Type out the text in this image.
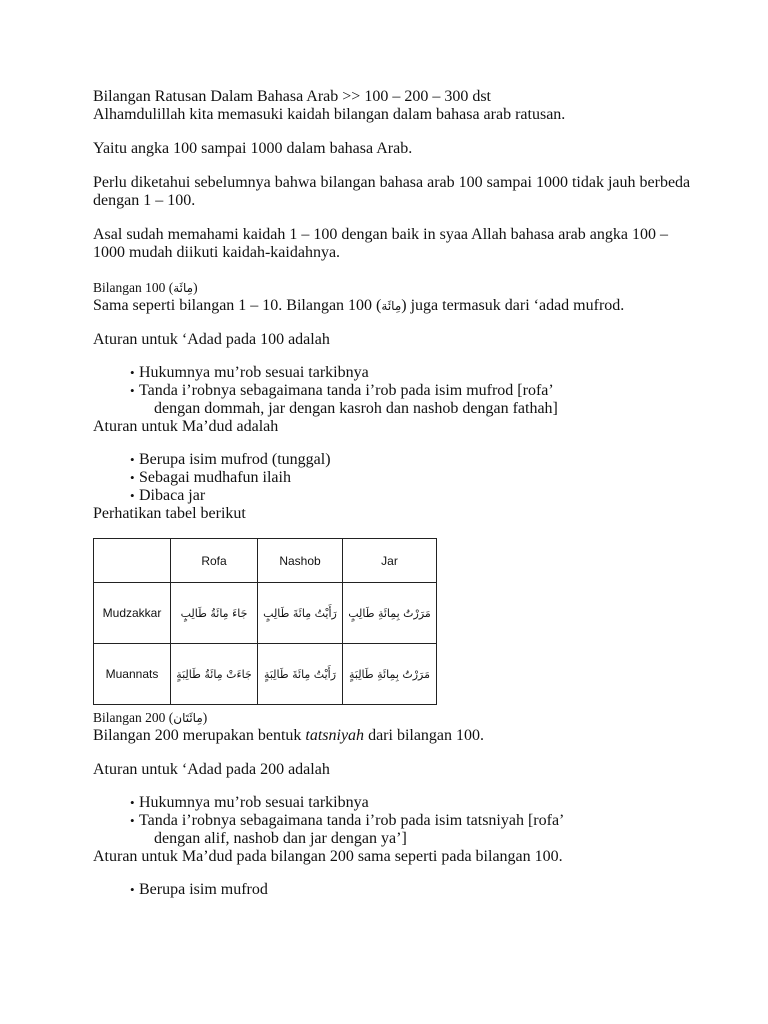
Bilangan Ratusan Dalam Bahasa Arab >> 100 – 200 – 300 dst

Alhamdulillah kita memasuki kaidah bilangan dalam bahasa arab ratusan.

Yaitu angka 100 sampai 1000 dalam bahasa Arab.

Perlu diketahui sebelumnya bahwa bilangan bahasa arab 100 sampai 1000 tidak jauh berbeda dengan 1 – 100.

Asal sudah memahami kaidah 1 – 100 dengan baik in syaa Allah bahasa arab angka 100 – 1000 mudah diikuti kaidah-kaidahnya.

Bilangan 100 (مِائَة)

Sama seperti bilangan 1 – 10. Bilangan 100 (مِائَة) juga termasuk dari ‘adad mufrod.

Aturan untuk ‘Adad pada 100 adalah

• Hukumnya mu’rob sesuai tarkibnya
• Tanda i’robnya sebagaimana tanda i’rob pada isim mufrod [rofa’
dengan dommah, jar dengan kasroh dan nashob dengan fathah]

Aturan untuk Ma’dud adalah

• Berupa isim mufrod (tunggal)
• Sebagai mudhafun ilaih
• Dibaca jar

Perhatikan tabel berikut

	Rofa	Nashob	Jar
Mudzakkar	جَاءَ مِائَةُ طَالِبٍ	رَأَيْتُ مِائَةَ طَالِبٍ	مَرَرْتُ بِمِائَةِ طَالِبٍ
Muannats	جَاءَتْ مِائَةُ طَالِبَةٍ	رَأَيْتُ مِائَةَ طَالِبَةٍ	مَرَرْتُ بِمِائَةِ طَالِبَةٍ

Bilangan 200 (مِائَتَان)

Bilangan 200 merupakan bentuk tatsniyah dari bilangan 100.

Aturan untuk ‘Adad pada 200 adalah

• Hukumnya mu’rob sesuai tarkibnya
• Tanda i’robnya sebagaimana tanda i’rob pada isim tatsniyah [rofa’
dengan alif, nashob dan jar dengan ya’]

Aturan untuk Ma’dud pada bilangan 200 sama seperti pada bilangan 100.

• Berupa isim mufrod
